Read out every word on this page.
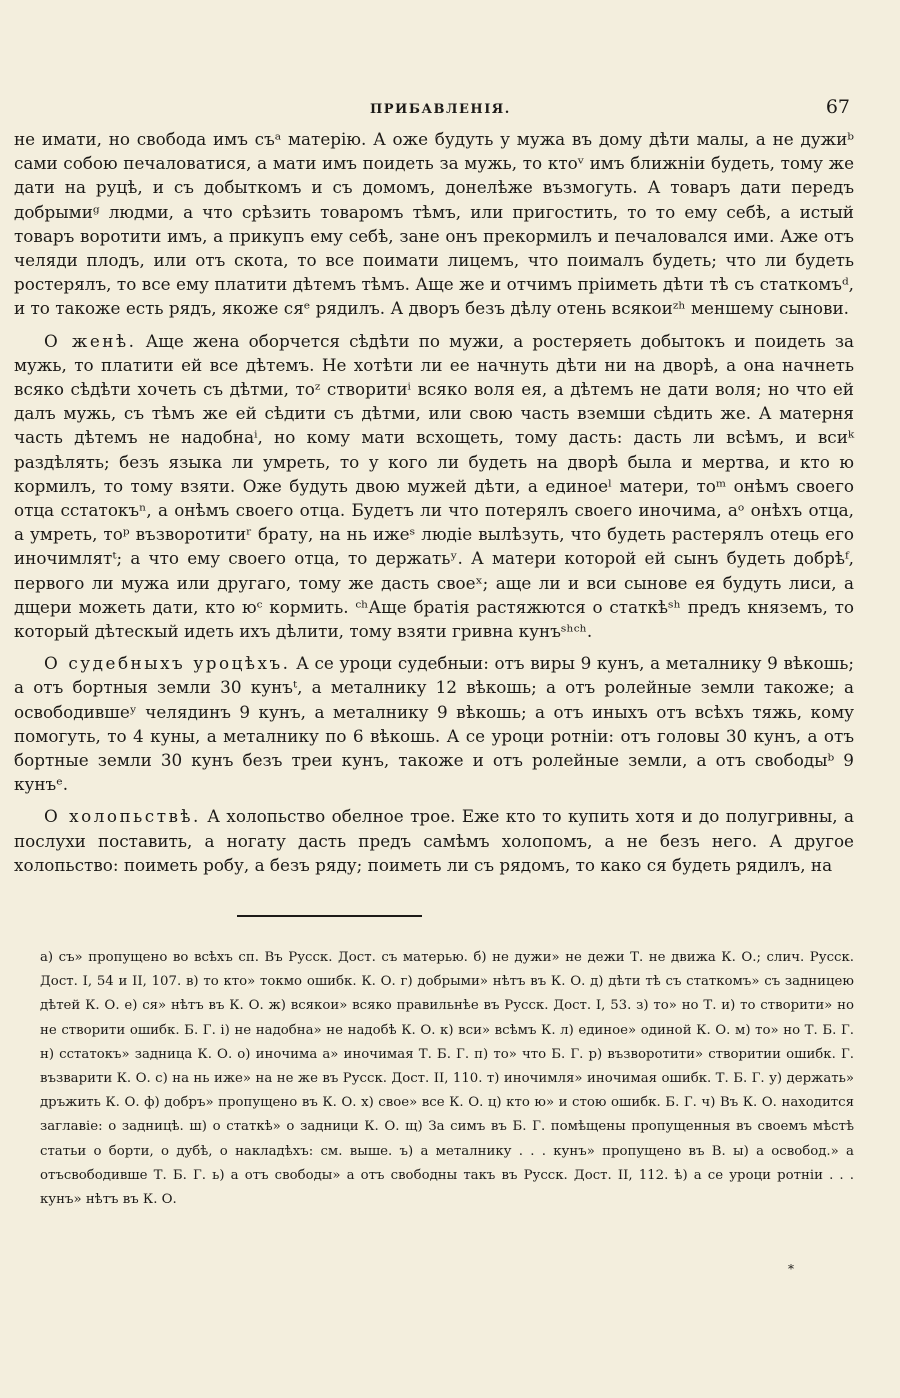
ПРИБАВЛЕНІЯ.	67

не имати, но свобода имъ съᵃ матерію. А оже будуть у мужа въ дому дѣти малы, а не дужиᵇ сами собою печаловатися, а мати имъ поидеть за мужь, то ктоᵛ имъ ближніи будеть, тому же дати на руцѣ, и съ добыткомъ и съ домомъ, донелѣже възмогуть. А товаръ дати передъ добрымиᵍ людми, а что срѣзить товаромъ тѣмъ, или пригостить, то то ему себѣ, а истый товаръ воротити имъ, а прикупъ ему себѣ, зане онъ прекормилъ и печаловался ими. Аже отъ челяди плодъ, или отъ скота, то все поимати лицемъ, что поималъ будеть; что ли будеть ростерялъ, то все ему платити дѣтемъ тѣмъ. Аще же и отчимъ пріиметь дѣти тѣ съ статкомъᵈ, и то такоже есть рядъ, якоже сяᵉ рядилъ. А дворъ безъ дѣлу отень всякоиᶻʰ меншему сынови.

О женѣ. Аще жена оборчется сѣдѣти по мужи, а ростеряеть добытокъ и поидеть за мужь, то платити ей все дѣтемъ. Не хотѣти ли ее начнуть дѣти ни на дворѣ, а она начнеть всяко сѣдѣти хочеть съ дѣтми, тоᶻ створитиⁱ всяко воля ея, а дѣтемъ не дати воля; но что ей далъ мужь, съ тѣмъ же ей сѣдити съ дѣтми, или свою часть вземши сѣдить же. А матерня часть дѣтемъ не надобнаⁱ, но кому мати всхощеть, тому дасть: дасть ли всѣмъ, и всиᵏ раздѣлять; безъ языка ли умреть, то у кого ли будеть на дворѣ была и мертва, и кто ю кормилъ, то тому взяти. Оже будуть двою мужей дѣти, а единоеˡ матери, тоᵐ онѣмъ своего отца сстатокъⁿ, а онѣмъ своего отца. Будетъ ли что потерялъ своего иночима, аᵒ онѣхъ отца, а умреть, тоᵖ възворотитиʳ брату, на нь ижеˢ людіе вылѣзуть, что будеть растерялъ отець его иночимлятᵗ; а что ему своего отца, то держатьʸ. А матери которой ей сынъ будеть добрѣᶠ, первого ли мужа или другаго, тому же дасть своеˣ; аще ли и вси сынове ея будуть лиси, а дщери можеть дати, кто юᶜ кормить. ᶜʰАще братія растяжются о статкѣˢʰ предъ княземъ, то который дѣтескый идеть ихъ дѣлити, тому взяти гривна кунъˢʰᶜʰ.

О судебныхъ уроцѣхъ. А се уроци судебныи: отъ виры 9 кунъ, а металнику 9 вѣкошь; а отъ бортныя земли 30 кунъᵗ, а металнику 12 вѣкошь; а отъ ролейные земли такоже; а освободившеʸ челядинъ 9 кунъ, а металнику 9 вѣкошь; а отъ иныхъ отъ всѣхъ тяжь, кому помогуть, то 4 куны, а металнику по 6 вѣкошь. А се уроци ротніи: отъ головы 30 кунъ, а отъ бортные земли 30 кунъ безъ треи кунъ, такоже и отъ ролейные земли, а отъ свободыᵇ 9 кунъᵉ.

О холопьствѣ. А холопьство обелное трое. Еже кто то купить хотя и до полугривны, а послухи поставить, а ногату дасть предъ самѣмъ холопомъ, а не безъ него. А другое холопьство: поиметь робу, а безъ ряду; поиметь ли съ рядомъ, то како ся будеть рядилъ, на

а) съ» пропущено во всѣхъ сп. Въ Русск. Дост. съ матерью. б) не дужи» не дежи Т. не движа К. О.; слич. Русск. Дост. I, 54 и II, 107. в) то кто» токмо ошибк. К. О. г) добрыми» нѣтъ въ К. О. д) дѣти тѣ съ статкомъ» съ задницею дѣтей К. О. е) ся» нѣтъ въ К. О. ж) всякои» всяко правильнѣе въ Русск. Дост. I, 53. з) то» но Т. и) то створити» но не створити ошибк. Б. Г. і) не надобна» не надобѣ К. О. к) вси» всѣмъ К. л) единое» одиной К. О. м) то» но Т. Б. Г. н) сстатокъ» задница К. О. о) иночима а» иночимая Т. Б. Г. п) то» что Б. Г. р) възворотити» створитии ошибк. Г. възварити К. О. с) на нь иже» на не же въ Русск. Дост. II, 110. т) иночимля» иночимая ошибк. Т. Б. Г. у) держать» дръжить К. О. ф) добръ» пропущено въ К. О. х) свое» все К. О. ц) кто ю» и стою ошибк. Б. Г. ч) Въ К. О. находится заглавіе: о задницѣ. ш) о статкѣ» о задници К. О. щ) За симъ въ Б. Г. помѣщены пропущенныя въ своемъ мѣстѣ статьи о борти, о дубѣ, о накладѣхъ: см. выше. ъ) а металнику . . . кунъ» пропущено въ В. ы) а освобод.» а отъсвободивше Т. Б. Г. ь) а отъ свободы» а отъ свободны такъ въ Русск. Дост. II, 112. ѣ) а се уроци ротніи . . . кунъ» нѣтъ въ К. О.

*
